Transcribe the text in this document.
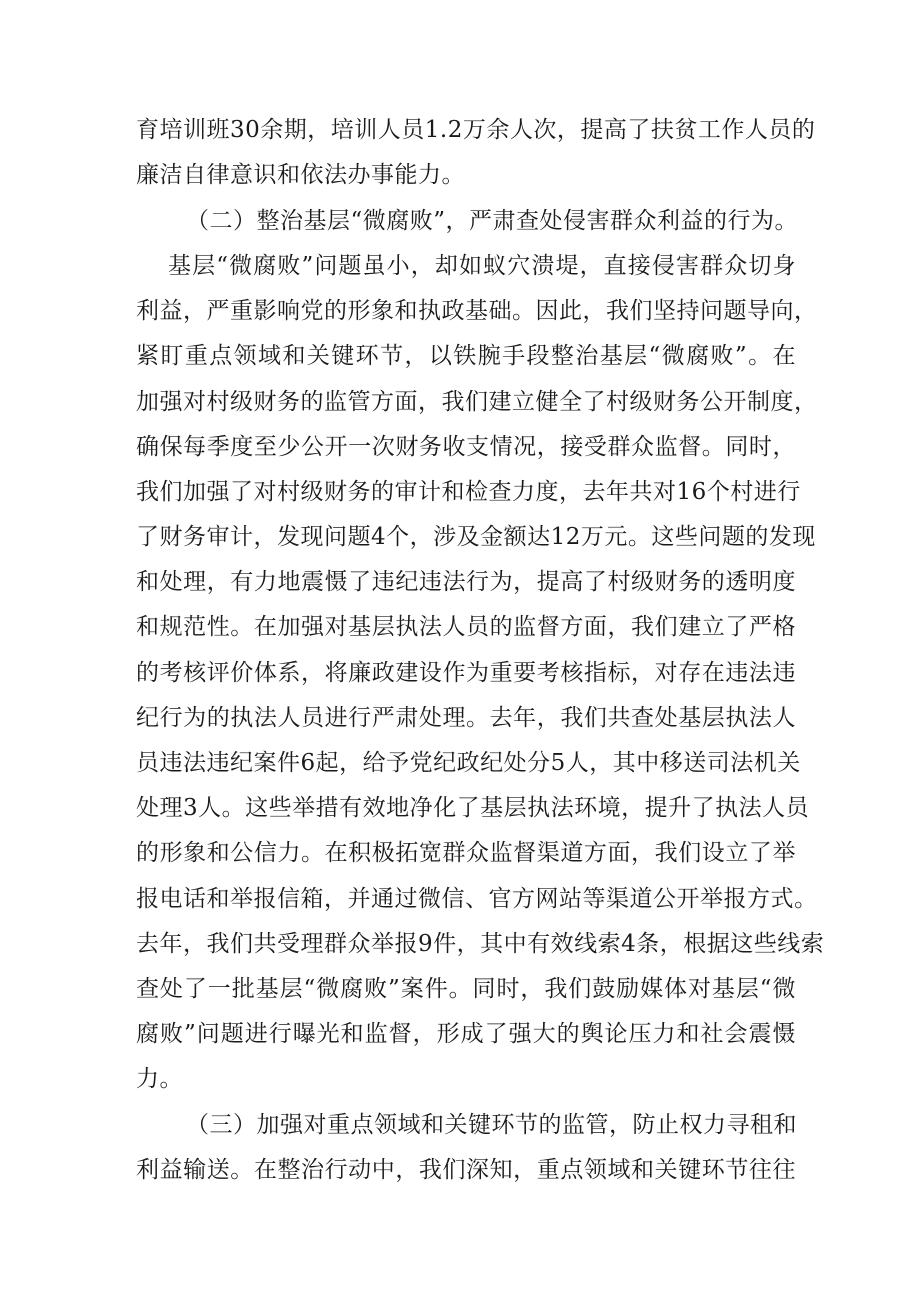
育培训班30余期，培训人员1.2万余人次，提高了扶贫工作人员的
廉洁自律意识和依法办事能力。
（二）整治基层“微腐败”，严肃查处侵害群众利益的行为。
基层“微腐败”问题虽小，却如蚁穴溃堤，直接侵害群众切身
利益，严重影响党的形象和执政基础。因此，我们坚持问题导向，
紧盯重点领域和关键环节，以铁腕手段整治基层“微腐败”。在
加强对村级财务的监管方面，我们建立健全了村级财务公开制度，
确保每季度至少公开一次财务收支情况，接受群众监督。同时，
我们加强了对村级财务的审计和检查力度，去年共对16个村进行
了财务审计，发现问题4个，涉及金额达12万元。这些问题的发现
和处理，有力地震慑了违纪违法行为，提高了村级财务的透明度
和规范性。在加强对基层执法人员的监督方面，我们建立了严格
的考核评价体系，将廉政建设作为重要考核指标，对存在违法违
纪行为的执法人员进行严肃处理。去年，我们共查处基层执法人
员违法违纪案件6起，给予党纪政纪处分5人，其中移送司法机关
处理3人。这些举措有效地净化了基层执法环境，提升了执法人员
的形象和公信力。在积极拓宽群众监督渠道方面，我们设立了举
报电话和举报信箱，并通过微信、官方网站等渠道公开举报方式。
去年，我们共受理群众举报9件，其中有效线索4条，根据这些线索
查处了一批基层“微腐败”案件。同时，我们鼓励媒体对基层“微
腐败”问题进行曝光和监督，形成了强大的舆论压力和社会震慑
力。
（三）加强对重点领域和关键环节的监管，防止权力寻租和
利益输送。在整治行动中，我们深知，重点领域和关键环节往往
